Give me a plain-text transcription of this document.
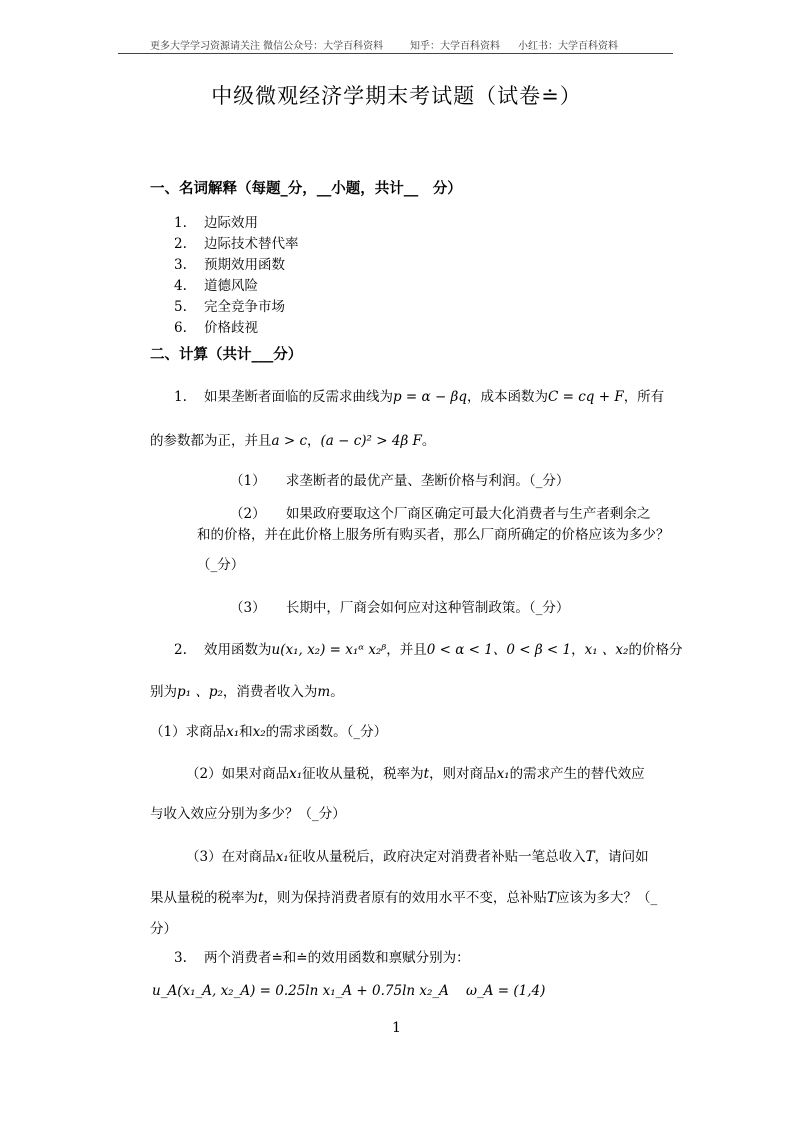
更多大学学习资源请关注 微信公众号：大学百科资料	知乎：大学百科资料 小红书：大学百科资料
中级微观经济学期末考试题（试卷≐）
一、名词解释（每题_分，__小题，共计__　分）
1. 边际效用
2. 边际技术替代率
3. 预期效用函数
4. 道德风险
5. 完全竞争市场
6. 价格歧视
二、计算（共计___分）
1. 如果垄断者面临的反需求曲线为p = α − βq，成本函数为C = cq + F，所有
的参数都为正，并且a > c，(a − c)² > 4β F。
（1）　　求垄断者的最优产量、垄断价格与利润。（_分）
（2）　　如果政府要取这个厂商区确定可最大化消费者与生产者剩余之
和的价格，并在此价格上服务所有购买者，那么厂商所确定的价格应该为多少？
（_分）
（3）　　长期中，厂商会如何应对这种管制政策。（_分）
2. 效用函数为u(x₁, x₂) = x₁ᵅ x₂ᵝ，并且0 < α < 1、0 < β < 1，x₁ 、x₂的价格分
别为p₁ 、p₂，消费者收入为m。
（1）求商品x₁和x₂的需求函数。（_分）
（2）如果对商品x₁征收从量税，税率为t，则对商品x₁的需求产生的替代效应
与收入效应分别为多少？（_分）
（3）在对商品x₁征收从量税后，政府决定对消费者补贴一笔总收入T，请问如
果从量税的税率为t，则为保持消费者原有的效用水平不变，总补贴T应该为多大？（_
分）
3. 两个消费者≐和≐的效用函数和禀赋分别为：
u_A(x₁_A, x₂_A) = 0.25ln x₁_A + 0.75ln x₂_A ω_A = (1,4)
1
